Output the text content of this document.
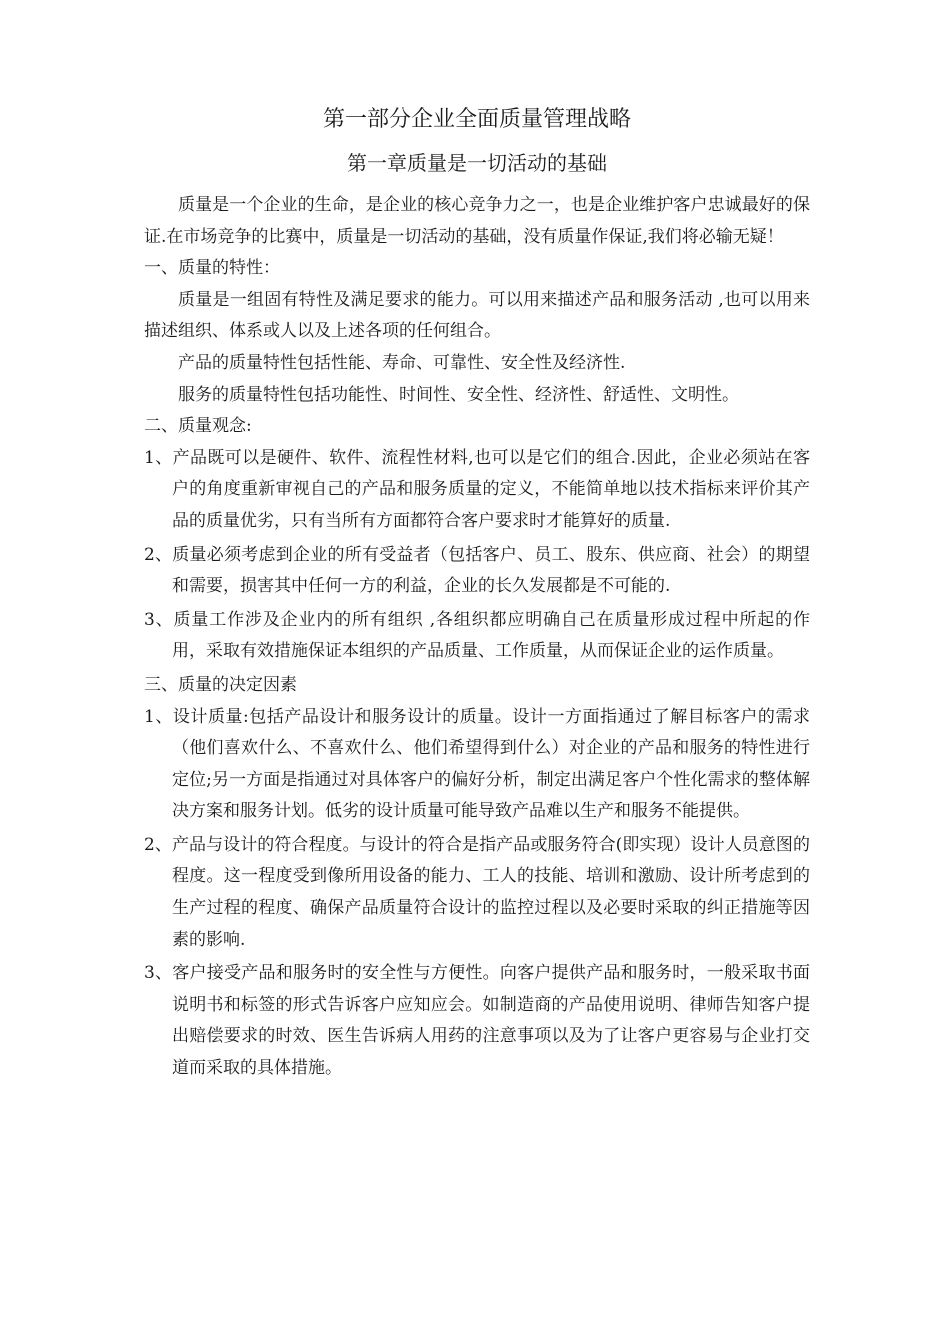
第一部分企业全面质量管理战略
第一章质量是一切活动的基础

质量是一个企业的生命，是企业的核心竞争力之一，也是企业维护客户忠诚最好的保证.在市场竞争的比赛中，质量是一切活动的基础，没有质量作保证,我们将必输无疑！

一、质量的特性：

质量是一组固有特性及满足要求的能力。可以用来描述产品和服务活动 ,也可以用来描述组织、体系或人以及上述各项的任何组合。

产品的质量特性包括性能、寿命、可靠性、安全性及经济性.

服务的质量特性包括功能性、时间性、安全性、经济性、舒适性、文明性。

二、质量观念:

1、产品既可以是硬件、软件、流程性材料,也可以是它们的组合.因此，企业必须站在客户的角度重新审视自己的产品和服务质量的定义，不能简单地以技术指标来评价其产品的质量优劣，只有当所有方面都符合客户要求时才能算好的质量.
2、质量必须考虑到企业的所有受益者（包括客户、员工、股东、供应商、社会）的期望和需要，损害其中任何一方的利益，企业的长久发展都是不可能的.
3、质量工作涉及企业内的所有组织 ,各组织都应明确自己在质量形成过程中所起的作用，采取有效措施保证本组织的产品质量、工作质量，从而保证企业的运作质量。

三、质量的决定因素

1、设计质量:包括产品设计和服务设计的质量。设计一方面指通过了解目标客户的需求（他们喜欢什么、不喜欢什么、他们希望得到什么）对企业的产品和服务的特性进行定位;另一方面是指通过对具体客户的偏好分析，制定出满足客户个性化需求的整体解决方案和服务计划。低劣的设计质量可能导致产品难以生产和服务不能提供。
2、产品与设计的符合程度。与设计的符合是指产品或服务符合(即实现）设计人员意图的程度。这一程度受到像所用设备的能力、工人的技能、培训和激励、设计所考虑到的生产过程的程度、确保产品质量符合设计的监控过程以及必要时采取的纠正措施等因素的影响.
3、客户接受产品和服务时的安全性与方便性。向客户提供产品和服务时，一般采取书面说明书和标签的形式告诉客户应知应会。如制造商的产品使用说明、律师告知客户提出赔偿要求的时效、医生告诉病人用药的注意事项以及为了让客户更容易与企业打交道而采取的具体措施。
